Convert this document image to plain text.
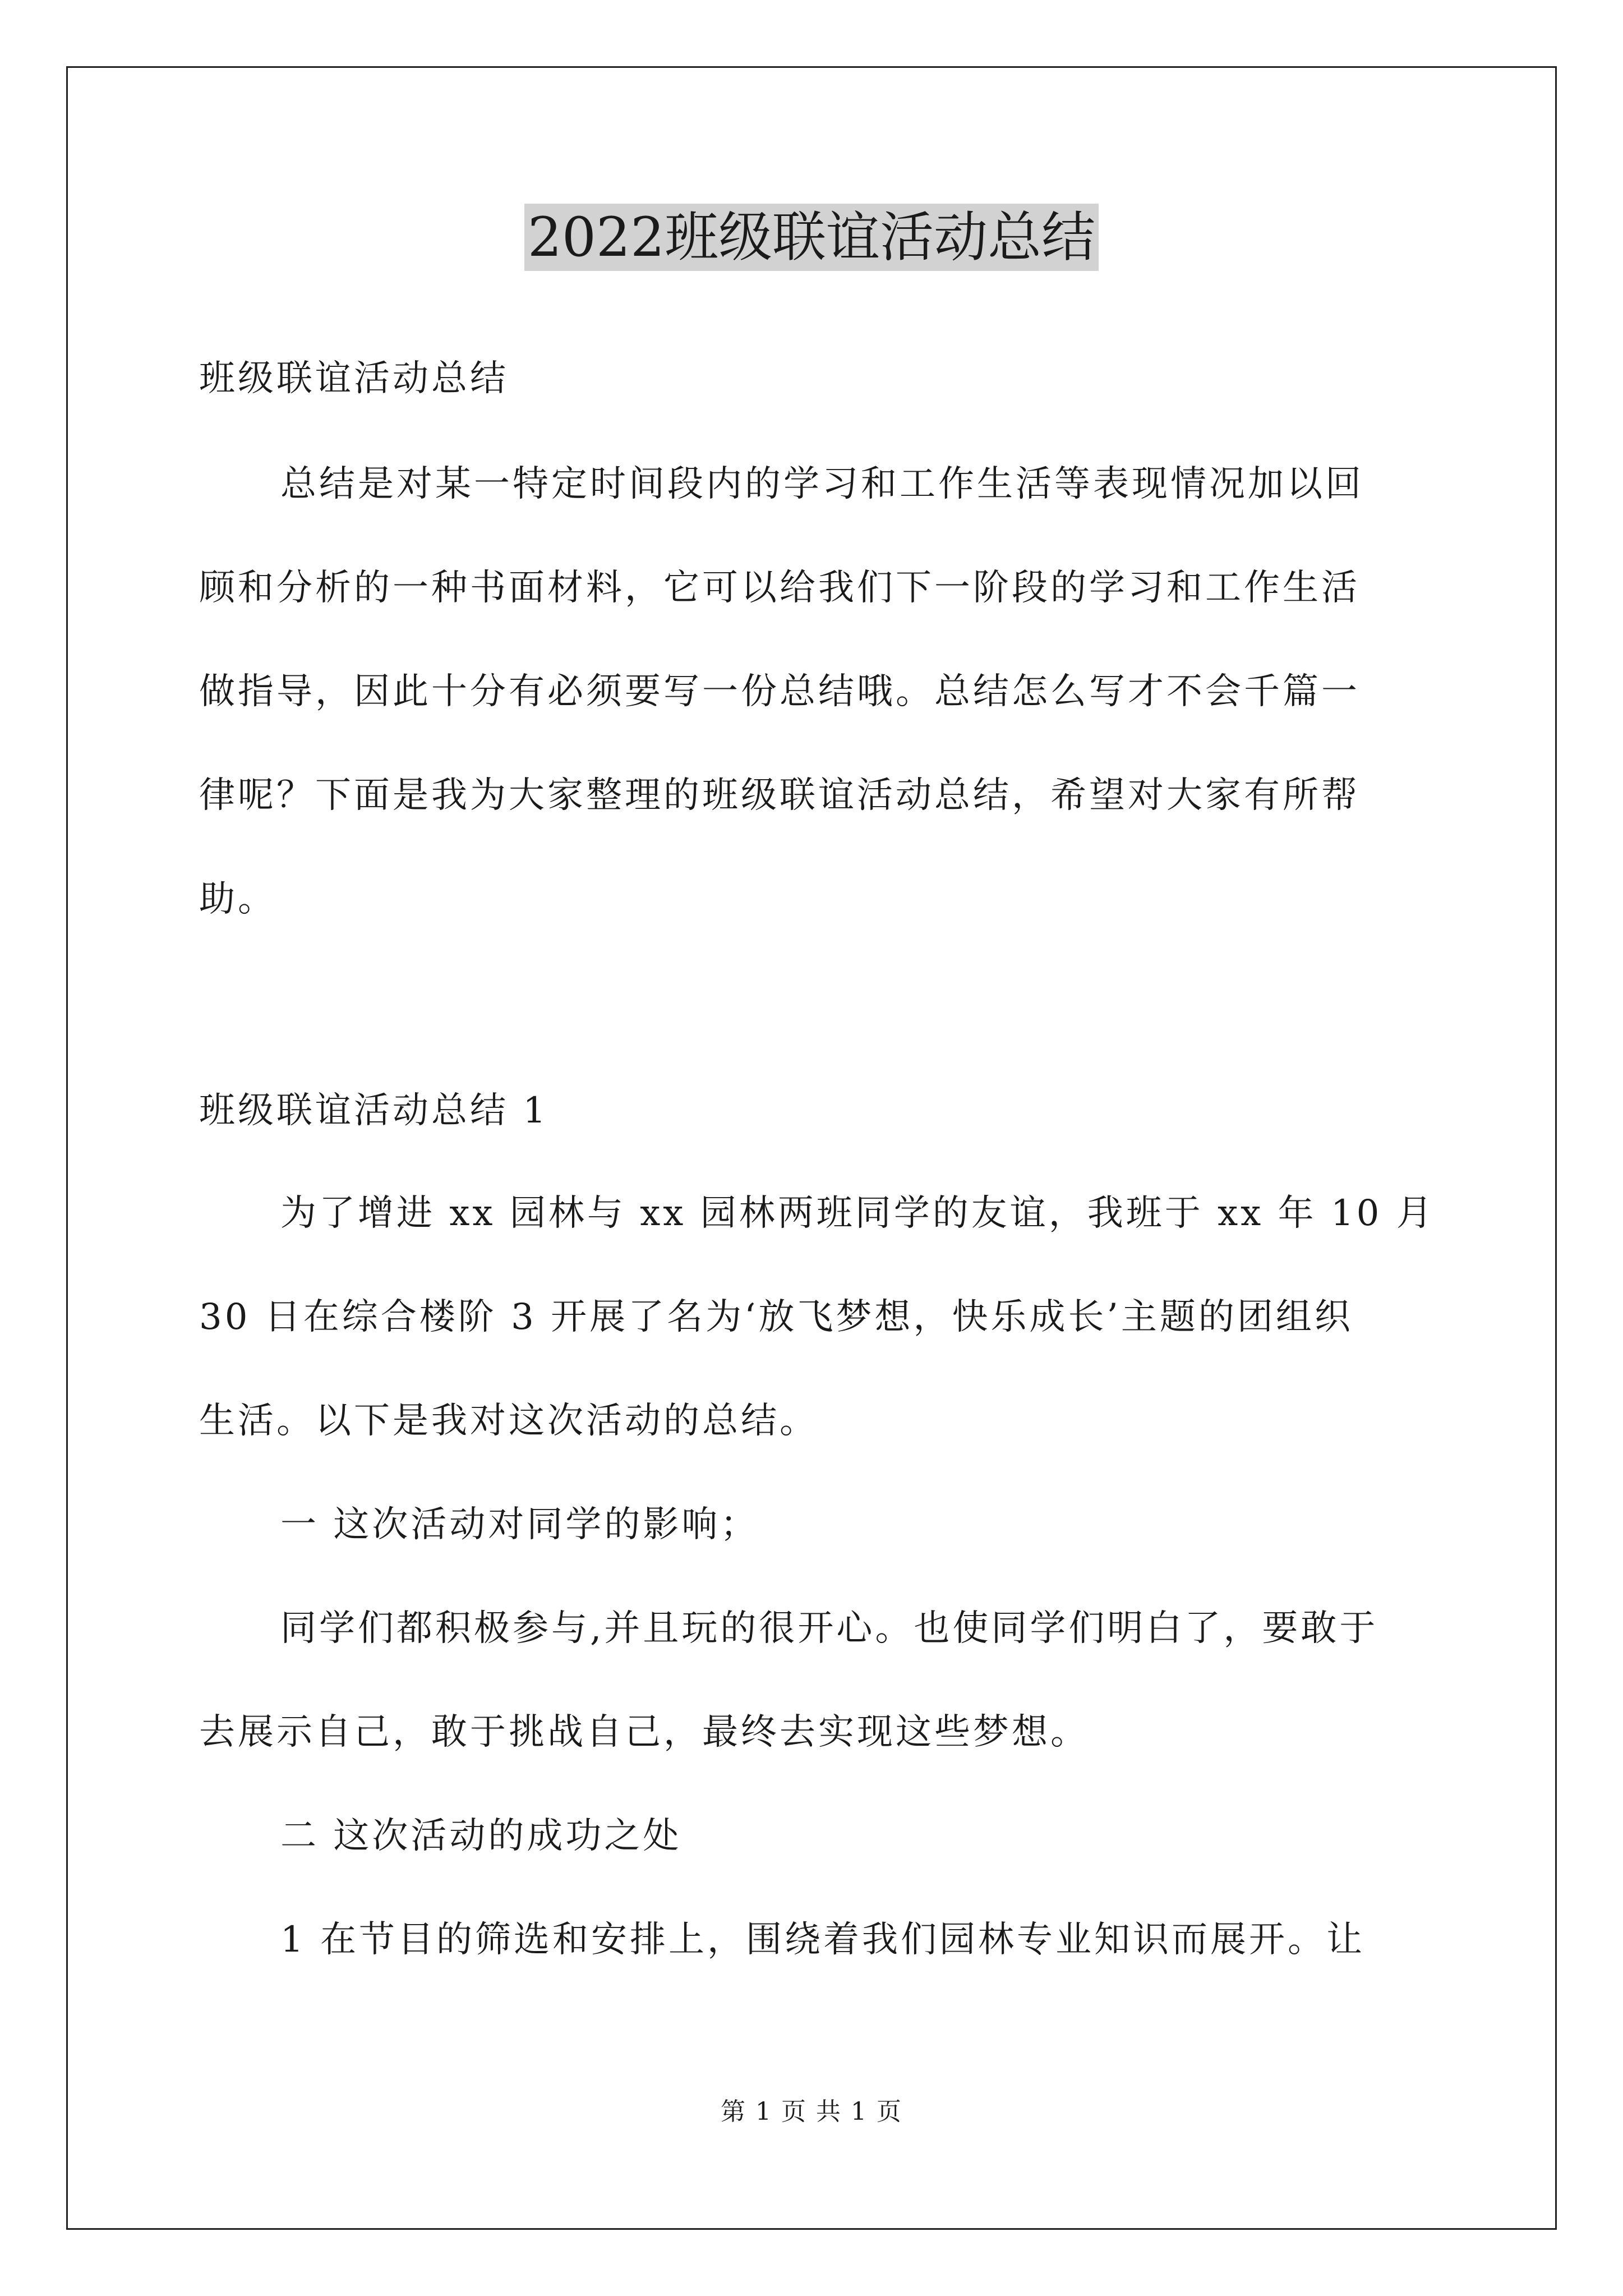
2022班级联谊活动总结
班级联谊活动总结
总结是对某一特定时间段内的学习和工作生活等表现情况加以回
顾和分析的一种书面材料，它可以给我们下一阶段的学习和工作生活
做指导，因此十分有必须要写一份总结哦。总结怎么写才不会千篇一
律呢？下面是我为大家整理的班级联谊活动总结，希望对大家有所帮
助。
班级联谊活动总结 1
为了增进 xx 园林与 xx 园林两班同学的友谊，我班于 xx 年 10 月
30 日在综合楼阶 3 开展了名为‘放飞梦想，快乐成长’主题的团组织
生活。以下是我对这次活动的总结。
一 这次活动对同学的影响；
同学们都积极参与,并且玩的很开心。也使同学们明白了，要敢于
去展示自己，敢于挑战自己，最终去实现这些梦想。
二 这次活动的成功之处
1 在节目的筛选和安排上，围绕着我们园林专业知识而展开。让
第 1 页 共 1 页
